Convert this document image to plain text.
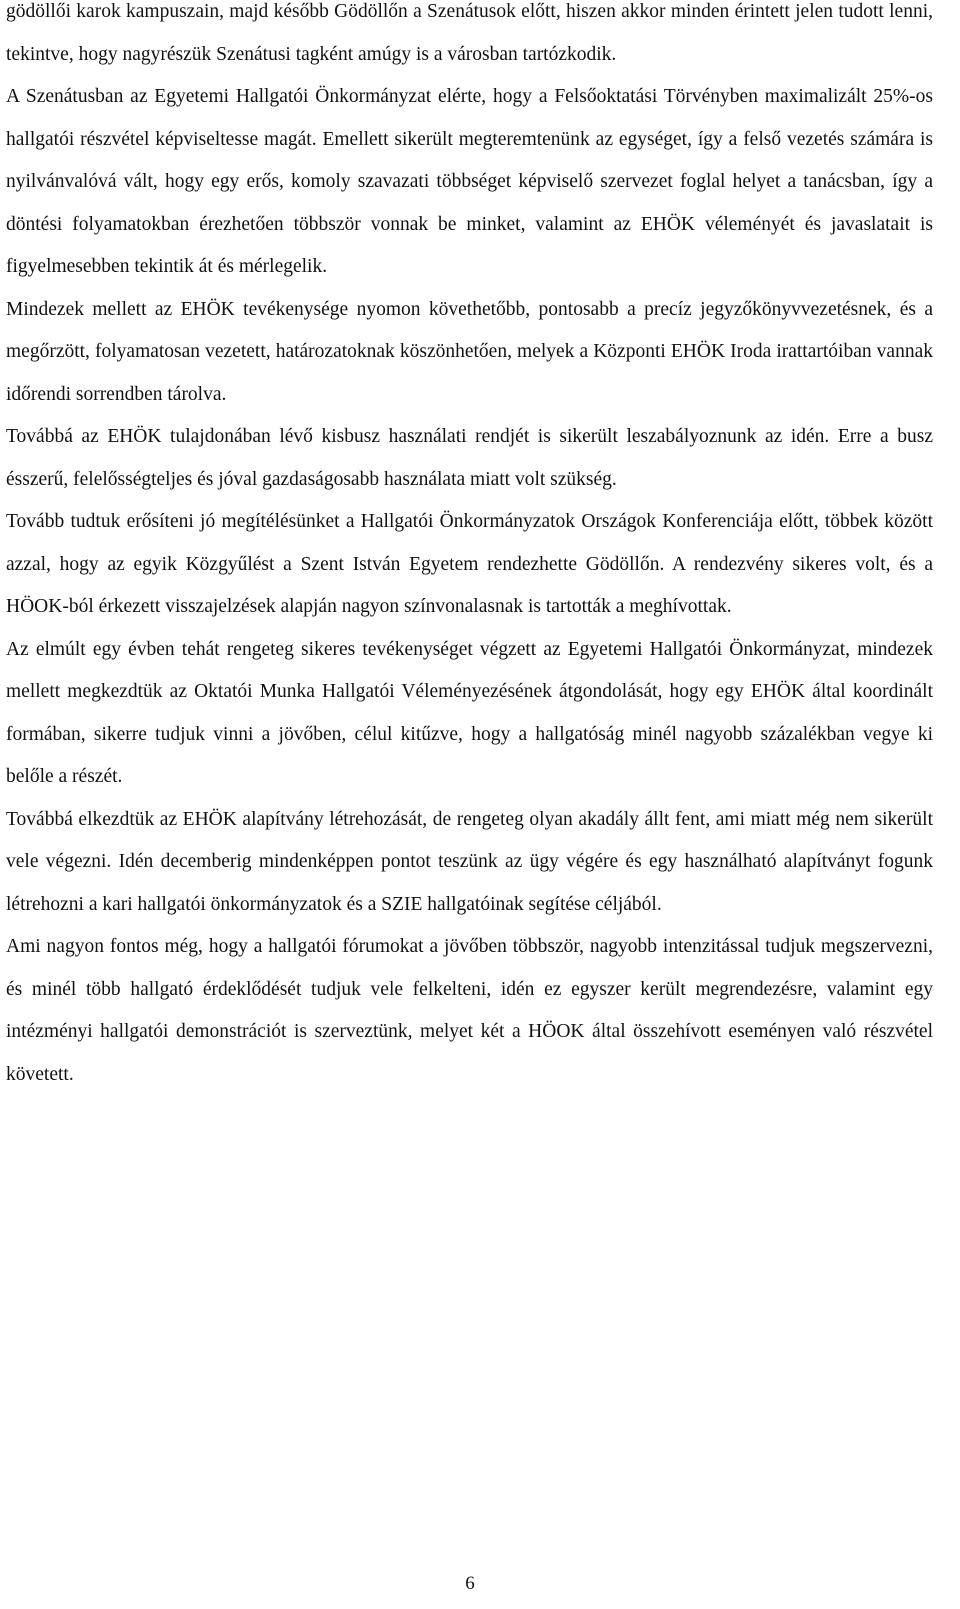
gödöllői karok kampuszain, majd később Gödöllőn a Szenátusok előtt, hiszen akkor minden érintett jelen tudott lenni, tekintve, hogy nagyrészük Szenátusi tagként amúgy is a városban tartózkodik.

A Szenátusban az Egyetemi Hallgatói Önkormányzat elérte, hogy a Felsőoktatási Törvényben maximalizált 25%-os hallgatói részvétel képviseltesse magát. Emellett sikerült megteremtenünk az egységet, így a felső vezetés számára is nyilvánvalóvá vált, hogy egy erős, komoly szavazati többséget képviselő szervezet foglal helyet a tanácsban, így a döntési folyamatokban érezhetően többször vonnak be minket, valamint az EHÖK véleményét és javaslatait is figyelmesebben tekintik át és mérlegelik.

Mindezek mellett az EHÖK tevékenysége nyomon követhetőbb, pontosabb a precíz jegyzőkönyvvezetésnek, és a megőrzött, folyamatosan vezetett, határozatoknak köszönhetően, melyek a Központi EHÖK Iroda irattartóiban vannak időrendi sorrendben tárolva.

Továbbá az EHÖK tulajdonában lévő kisbusz használati rendjét is sikerült leszabályoznunk az idén. Erre a busz ésszerű, felelősségteljes és jóval gazdaságosabb használata miatt volt szükség.

Tovább tudtuk erősíteni jó megítélésünket a Hallgatói Önkormányzatok Országok Konferenciája előtt, többek között azzal, hogy az egyik Közgyűlést a Szent István Egyetem rendezhette Gödöllőn. A rendezvény sikeres volt, és a HÖOK-ból érkezett visszajelzések alapján nagyon színvonalasnak is tartották a meghívottak.

Az elmúlt egy évben tehát rengeteg sikeres tevékenységet végzett az Egyetemi Hallgatói Önkormányzat, mindezek mellett megkezdtük az Oktatói Munka Hallgatói Véleményezésének átgondolását, hogy egy EHÖK által koordinált formában, sikerre tudjuk vinni a jövőben, célul kitűzve, hogy a hallgatóság minél nagyobb százalékban vegye ki belőle a részét.

Továbbá elkezdtük az EHÖK alapítvány létrehozását, de rengeteg olyan akadály állt fent, ami miatt még nem sikerült vele végezni. Idén decemberig mindenképpen pontot teszünk az ügy végére és egy használható alapítványt fogunk létrehozni a kari hallgatói önkormányzatok és a SZIE hallgatóinak segítése céljából.

Ami nagyon fontos még, hogy a hallgatói fórumokat a jövőben többször, nagyobb intenzitással tudjuk megszervezni, és minél több hallgató érdeklődését tudjuk vele felkelteni, idén ez egyszer került megrendezésre, valamint egy intézményi hallgatói demonstrációt is szerveztünk, melyet két a HÖOK által összehívott eseményen való részvétel követett.

6
